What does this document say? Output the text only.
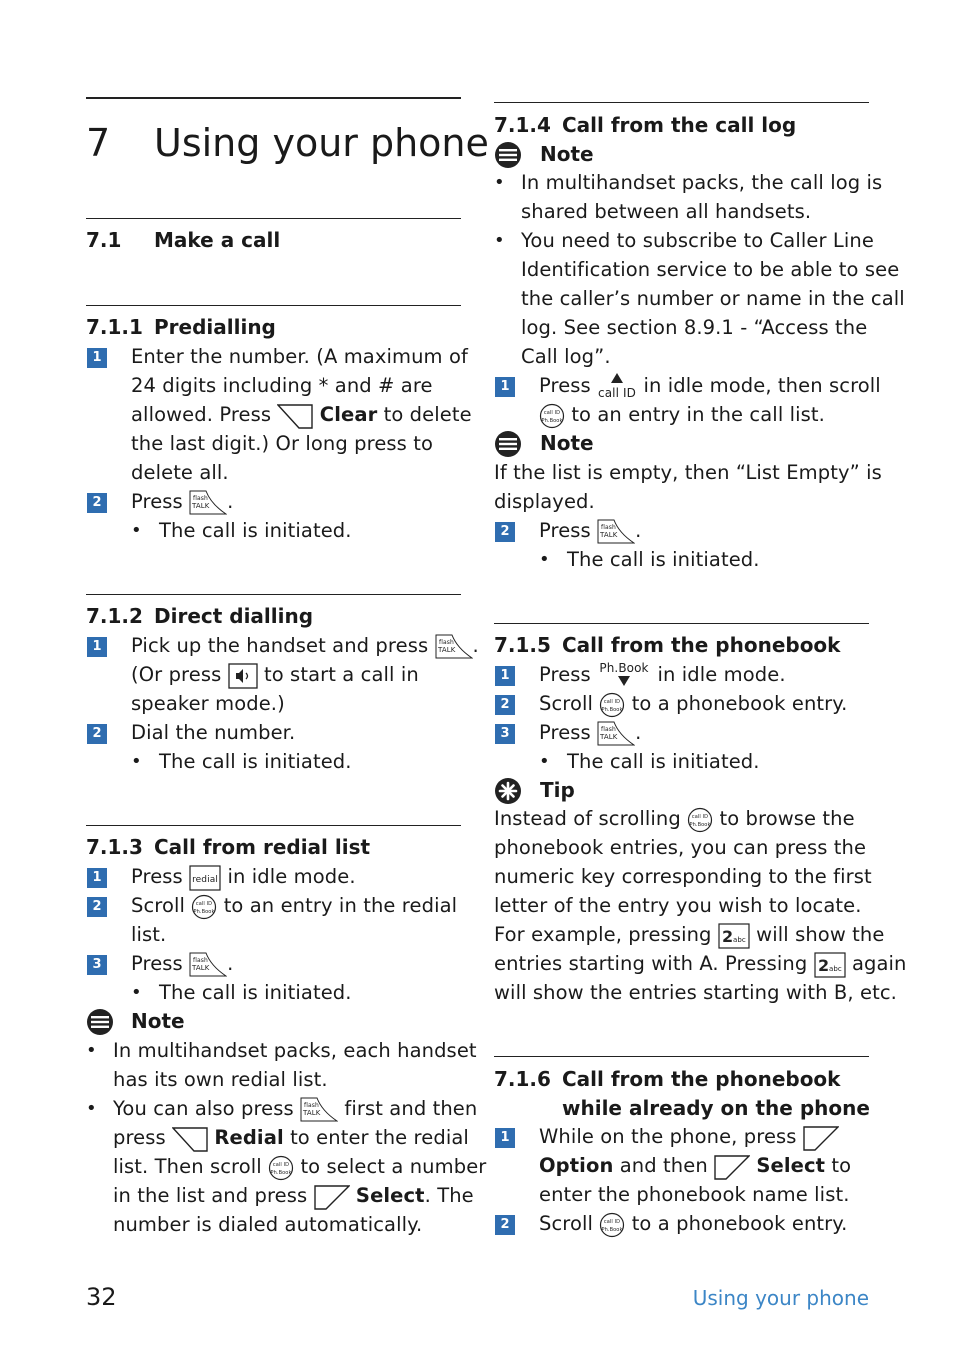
7 Using your phone
7.1 Make a call
7.1.1 Predialling
1 Enter the number. (A maximum of
24 digits including * and # are
allowed. Press Clear to delete
the last digit.) Or long press to
delete all.
2 Press .
• The call is initiated.
7.1.2 Direct dialling
1 Pick up the handset and press .
(Or press to start a call in
speaker mode.)
2 Dial the number.
• The call is initiated.
7.1.3 Call from redial list
1 Press redial in idle mode.
2 Scroll to an entry in the redial
list.
3 Press .
• The call is initiated.
Note
• In multihandset packs, each handset
has its own redial list.
• You can also press	first and then
press Redial to enter the redial
list. Then scroll to select a number
in the list and press Select. The
number is dialed automatically.
7.1.4 Call from the call log
Note
• In multihandset packs, the call log is
shared between all handsets.
• You need to subscribe to Caller Line
Identification service to be able to see
the caller’s number or name in the call
log. See section 8.9.1 - “Access the
Call log”.
1 Press call ID in idle mode, then scroll
to an entry in the call list.
Note
If the list is empty, then “List Empty” is
displayed.
2 Press .
• The call is initiated.
7.1.5 Call from the phonebook
1 Press Ph.Book in idle mode.
2 Scroll to a phonebook entry.
3 Press .
• The call is initiated.
Tip
Instead of scrolling to browse the
phonebook entries, you can press the
numeric key corresponding to the first
letter of the entry you wish to locate.
For example, pressing 2 abc will show the
entries starting with A. Pressing 2 abc again
will show the entries starting with B, etc.
7.1.6 Call from the phonebook
while already on the phone
1 While on the phone, press
Option and then Select to
enter the phonebook name list.
2 Scroll to a phonebook entry.
32	Using your phone
